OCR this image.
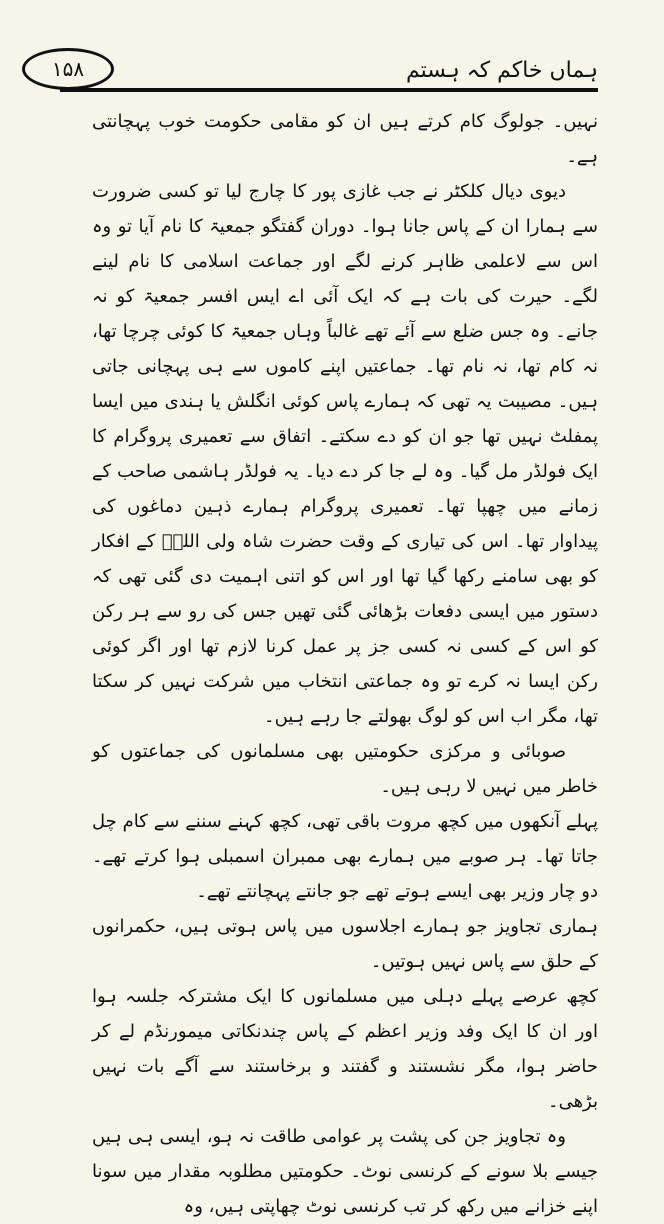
۱۵۸	ہماں خاکم کہ ہستم

نہیں۔ جولوگ کام کرتے ہیں ان کو مقامی حکومت خوب پہچانتی ہے۔

دیوی دیال کلکٹر نے جب غازی پور کا چارج لیا تو کسی ضرورت سے ہمارا ان کے پاس جانا ہوا۔ دوران گفتگو جمعیۃ کا نام آیا تو وہ اس سے لاعلمی ظاہر کرنے لگے اور جماعت اسلامی کا نام لینے لگے۔ حیرت کی بات ہے کہ ایک آئی اے ایس افسر جمعیۃ کو نہ جانے۔ وہ جس ضلع سے آئے تھے غالباً وہاں جمعیۃ کا کوئی چرچا تھا، نہ کام تھا، نہ نام تھا۔ جماعتیں اپنے کاموں سے ہی پہچانی جاتی ہیں۔ مصیبت یہ تھی کہ ہمارے پاس کوئی انگلش یا ہندی میں ایسا پمفلٹ نہیں تھا جو ان کو دے سکتے۔ اتفاق سے تعمیری پروگرام کا ایک فولڈر مل گیا۔ وہ لے جا کر دے دیا۔ یہ فولڈر ہاشمی صاحب کے زمانے میں چھپا تھا۔ تعمیری پروگرام ہمارے ذہین دماغوں کی پیداوار تھا۔ اس کی تیاری کے وقت حضرت شاہ ولی اللہؒ کے افکار کو بھی سامنے رکھا گیا تھا اور اس کو اتنی اہمیت دی گئی تھی کہ دستور میں ایسی دفعات بڑھائی گئی تھیں جس کی رو سے ہر رکن کو اس کے کسی نہ کسی جز پر عمل کرنا لازم تھا اور اگر کوئی رکن ایسا نہ کرے تو وہ جماعتی انتخاب میں شرکت نہیں کر سکتا تھا، مگر اب اس کو لوگ بھولتے جا رہے ہیں۔

صوبائی و مرکزی حکومتیں بھی مسلمانوں کی جماعتوں کو خاطر میں نہیں لا رہی ہیں۔

پہلے آنکھوں میں کچھ مروت باقی تھی، کچھ کہنے سننے سے کام چل جاتا تھا۔ ہر صوبے میں ہمارے بھی ممبران اسمبلی ہوا کرتے تھے۔ دو چار وزیر بھی ایسے ہوتے تھے جو جانتے پہچانتے تھے۔

ہماری تجاویز جو ہمارے اجلاسوں میں پاس ہوتی ہیں، حکمرانوں کے حلق سے پاس نہیں ہوتیں۔

کچھ عرصے پہلے دہلی میں مسلمانوں کا ایک مشترکہ جلسہ ہوا اور ان کا ایک وفد وزیر اعظم کے پاس چندنکاتی میمورنڈم لے کر حاضر ہوا، مگر نشستند و گفتند و برخاستند سے آگے بات نہیں بڑھی۔

وہ تجاویز جن کی پشت پر عوامی طاقت نہ ہو، ایسی ہی ہیں جیسے بلا سونے کے کرنسی نوٹ۔ حکومتیں مطلوبہ مقدار میں سونا اپنے خزانے میں رکھ کر تب کرنسی نوٹ چھاپتی ہیں، وہ
